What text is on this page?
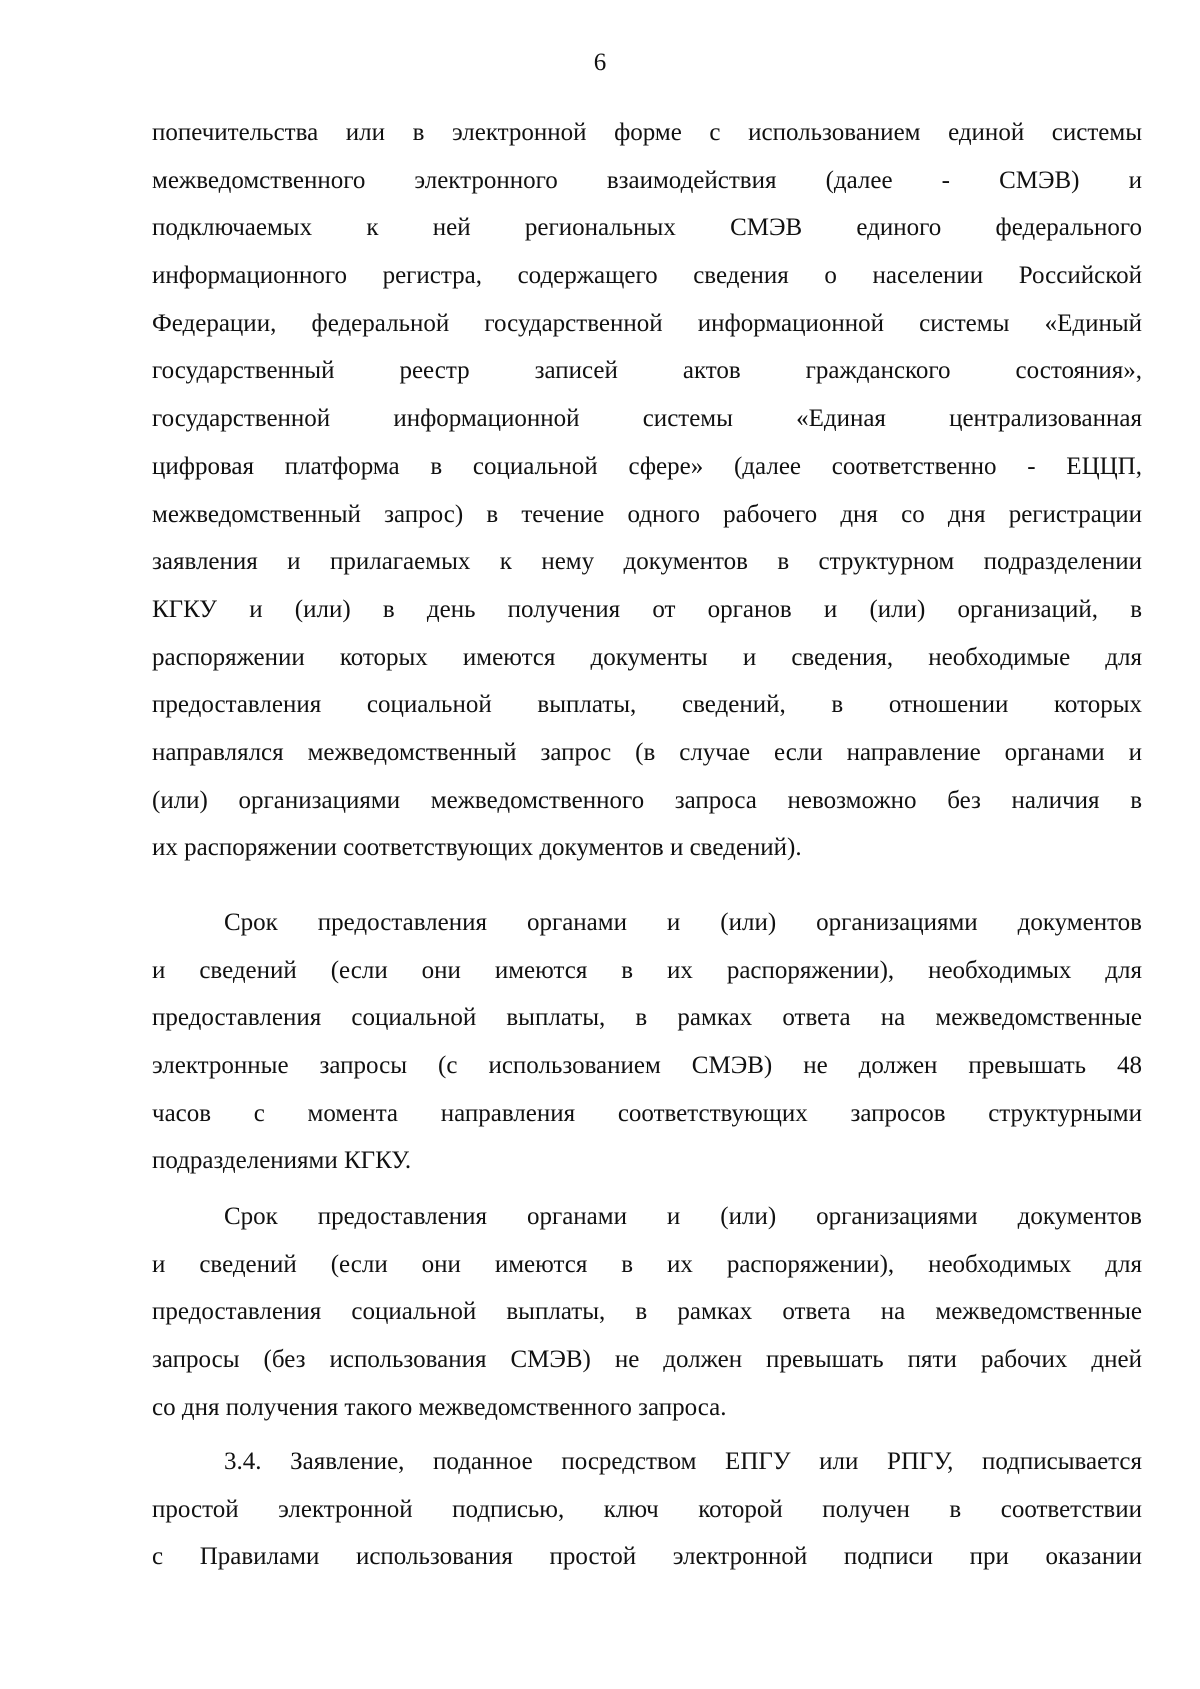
6
попечительства или в электронной форме с использованием единой системы
межведомственного электронного взаимодействия (далее - СМЭВ) и
подключаемых к ней региональных СМЭВ единого федерального
информационного регистра, содержащего сведения о населении Российской
Федерации, федеральной государственной информационной системы «Единый
государственный реестр записей актов гражданского состояния»,
государственной информационной системы «Единая централизованная
цифровая платформа в социальной сфере» (далее соответственно - ЕЦЦП,
межведомственный запрос) в течение одного рабочего дня со дня регистрации
заявления и прилагаемых к нему документов в структурном подразделении
КГКУ и (или) в день получения от органов и (или) организаций, в
распоряжении которых имеются документы и сведения, необходимые для
предоставления социальной выплаты, сведений, в отношении которых
направлялся межведомственный запрос (в случае если направление органами и
(или) организациями межведомственного запроса невозможно без наличия в
их распоряжении соответствующих документов и сведений).
Срок предоставления органами и (или) организациями документов
и сведений (если они имеются в их распоряжении), необходимых для
предоставления социальной выплаты, в рамках ответа на межведомственные
электронные запросы (с использованием СМЭВ) не должен превышать 48
часов с момента направления соответствующих запросов структурными
подразделениями КГКУ.
Срок предоставления органами и (или) организациями документов
и сведений (если они имеются в их распоряжении), необходимых для
предоставления социальной выплаты, в рамках ответа на межведомственные
запросы (без использования СМЭВ) не должен превышать пяти рабочих дней
со дня получения такого межведомственного запроса.
3.4. Заявление, поданное посредством ЕПГУ или РПГУ, подписывается
простой электронной подписью, ключ которой получен в соответствии
с Правилами использования простой электронной подписи при оказании
